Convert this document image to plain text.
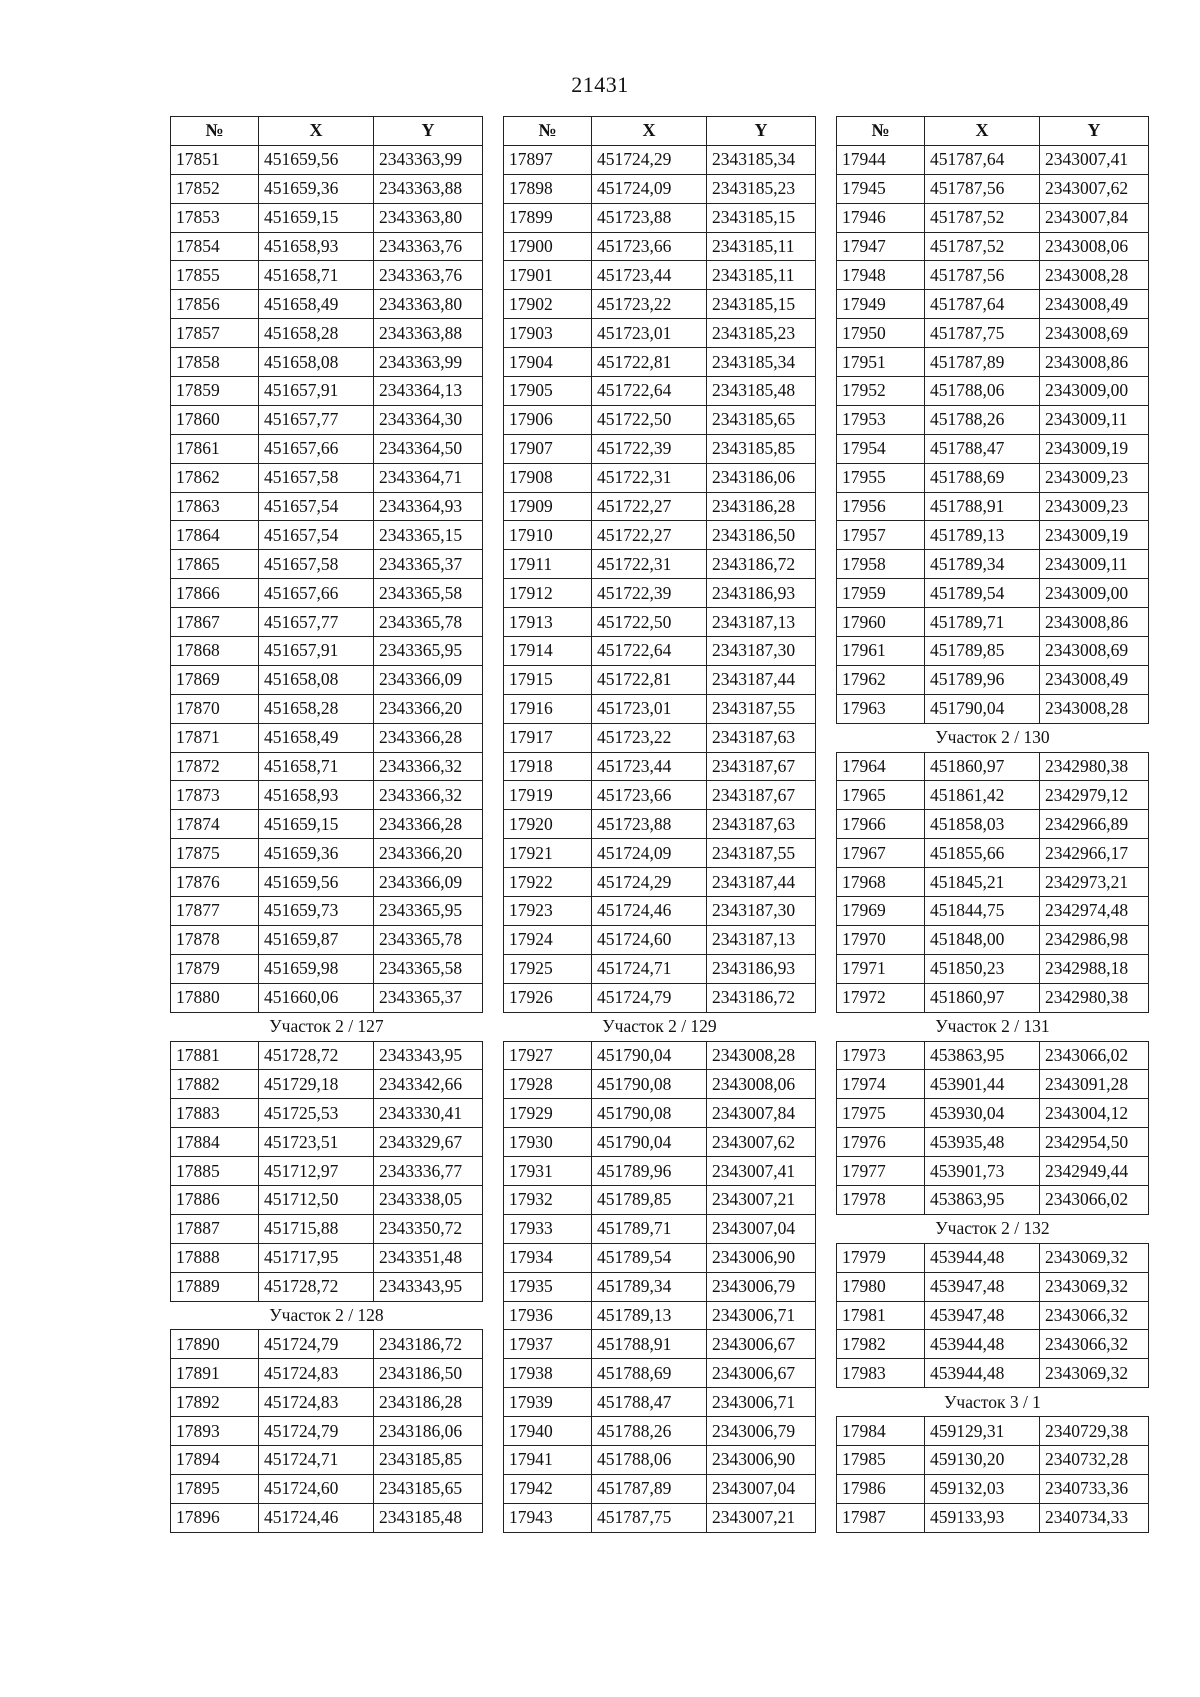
21431
№	X	Y
17851	451659,56	2343363,99
17852	451659,36	2343363,88
17853	451659,15	2343363,80
17854	451658,93	2343363,76
17855	451658,71	2343363,76
17856	451658,49	2343363,80
17857	451658,28	2343363,88
17858	451658,08	2343363,99
17859	451657,91	2343364,13
17860	451657,77	2343364,30
17861	451657,66	2343364,50
17862	451657,58	2343364,71
17863	451657,54	2343364,93
17864	451657,54	2343365,15
17865	451657,58	2343365,37
17866	451657,66	2343365,58
17867	451657,77	2343365,78
17868	451657,91	2343365,95
17869	451658,08	2343366,09
17870	451658,28	2343366,20
17871	451658,49	2343366,28
17872	451658,71	2343366,32
17873	451658,93	2343366,32
17874	451659,15	2343366,28
17875	451659,36	2343366,20
17876	451659,56	2343366,09
17877	451659,73	2343365,95
17878	451659,87	2343365,78
17879	451659,98	2343365,58
17880	451660,06	2343365,37
Участок 2 / 127		
17881	451728,72	2343343,95
17882	451729,18	2343342,66
17883	451725,53	2343330,41
17884	451723,51	2343329,67
17885	451712,97	2343336,77
17886	451712,50	2343338,05
17887	451715,88	2343350,72
17888	451717,95	2343351,48
17889	451728,72	2343343,95
Участок 2 / 128		
17890	451724,79	2343186,72
17891	451724,83	2343186,50
17892	451724,83	2343186,28
17893	451724,79	2343186,06
17894	451724,71	2343185,85
17895	451724,60	2343185,65
17896	451724,46	2343185,48
№	X	Y
17897	451724,29	2343185,34
17898	451724,09	2343185,23
17899	451723,88	2343185,15
17900	451723,66	2343185,11
17901	451723,44	2343185,11
17902	451723,22	2343185,15
17903	451723,01	2343185,23
17904	451722,81	2343185,34
17905	451722,64	2343185,48
17906	451722,50	2343185,65
17907	451722,39	2343185,85
17908	451722,31	2343186,06
17909	451722,27	2343186,28
17910	451722,27	2343186,50
17911	451722,31	2343186,72
17912	451722,39	2343186,93
17913	451722,50	2343187,13
17914	451722,64	2343187,30
17915	451722,81	2343187,44
17916	451723,01	2343187,55
17917	451723,22	2343187,63
17918	451723,44	2343187,67
17919	451723,66	2343187,67
17920	451723,88	2343187,63
17921	451724,09	2343187,55
17922	451724,29	2343187,44
17923	451724,46	2343187,30
17924	451724,60	2343187,13
17925	451724,71	2343186,93
17926	451724,79	2343186,72
Участок 2 / 129		
17927	451790,04	2343008,28
17928	451790,08	2343008,06
17929	451790,08	2343007,84
17930	451790,04	2343007,62
17931	451789,96	2343007,41
17932	451789,85	2343007,21
17933	451789,71	2343007,04
17934	451789,54	2343006,90
17935	451789,34	2343006,79
17936	451789,13	2343006,71
17937	451788,91	2343006,67
17938	451788,69	2343006,67
17939	451788,47	2343006,71
17940	451788,26	2343006,79
17941	451788,06	2343006,90
17942	451787,89	2343007,04
17943	451787,75	2343007,21
№	X	Y
17944	451787,64	2343007,41
17945	451787,56	2343007,62
17946	451787,52	2343007,84
17947	451787,52	2343008,06
17948	451787,56	2343008,28
17949	451787,64	2343008,49
17950	451787,75	2343008,69
17951	451787,89	2343008,86
17952	451788,06	2343009,00
17953	451788,26	2343009,11
17954	451788,47	2343009,19
17955	451788,69	2343009,23
17956	451788,91	2343009,23
17957	451789,13	2343009,19
17958	451789,34	2343009,11
17959	451789,54	2343009,00
17960	451789,71	2343008,86
17961	451789,85	2343008,69
17962	451789,96	2343008,49
17963	451790,04	2343008,28
Участок 2 / 130		
17964	451860,97	2342980,38
17965	451861,42	2342979,12
17966	451858,03	2342966,89
17967	451855,66	2342966,17
17968	451845,21	2342973,21
17969	451844,75	2342974,48
17970	451848,00	2342986,98
17971	451850,23	2342988,18
17972	451860,97	2342980,38
Участок 2 / 131		
17973	453863,95	2343066,02
17974	453901,44	2343091,28
17975	453930,04	2343004,12
17976	453935,48	2342954,50
17977	453901,73	2342949,44
17978	453863,95	2343066,02
Участок 2 / 132		
17979	453944,48	2343069,32
17980	453947,48	2343069,32
17981	453947,48	2343066,32
17982	453944,48	2343066,32
17983	453944,48	2343069,32
Участок 3 / 1		
17984	459129,31	2340729,38
17985	459130,20	2340732,28
17986	459132,03	2340733,36
17987	459133,93	2340734,33
